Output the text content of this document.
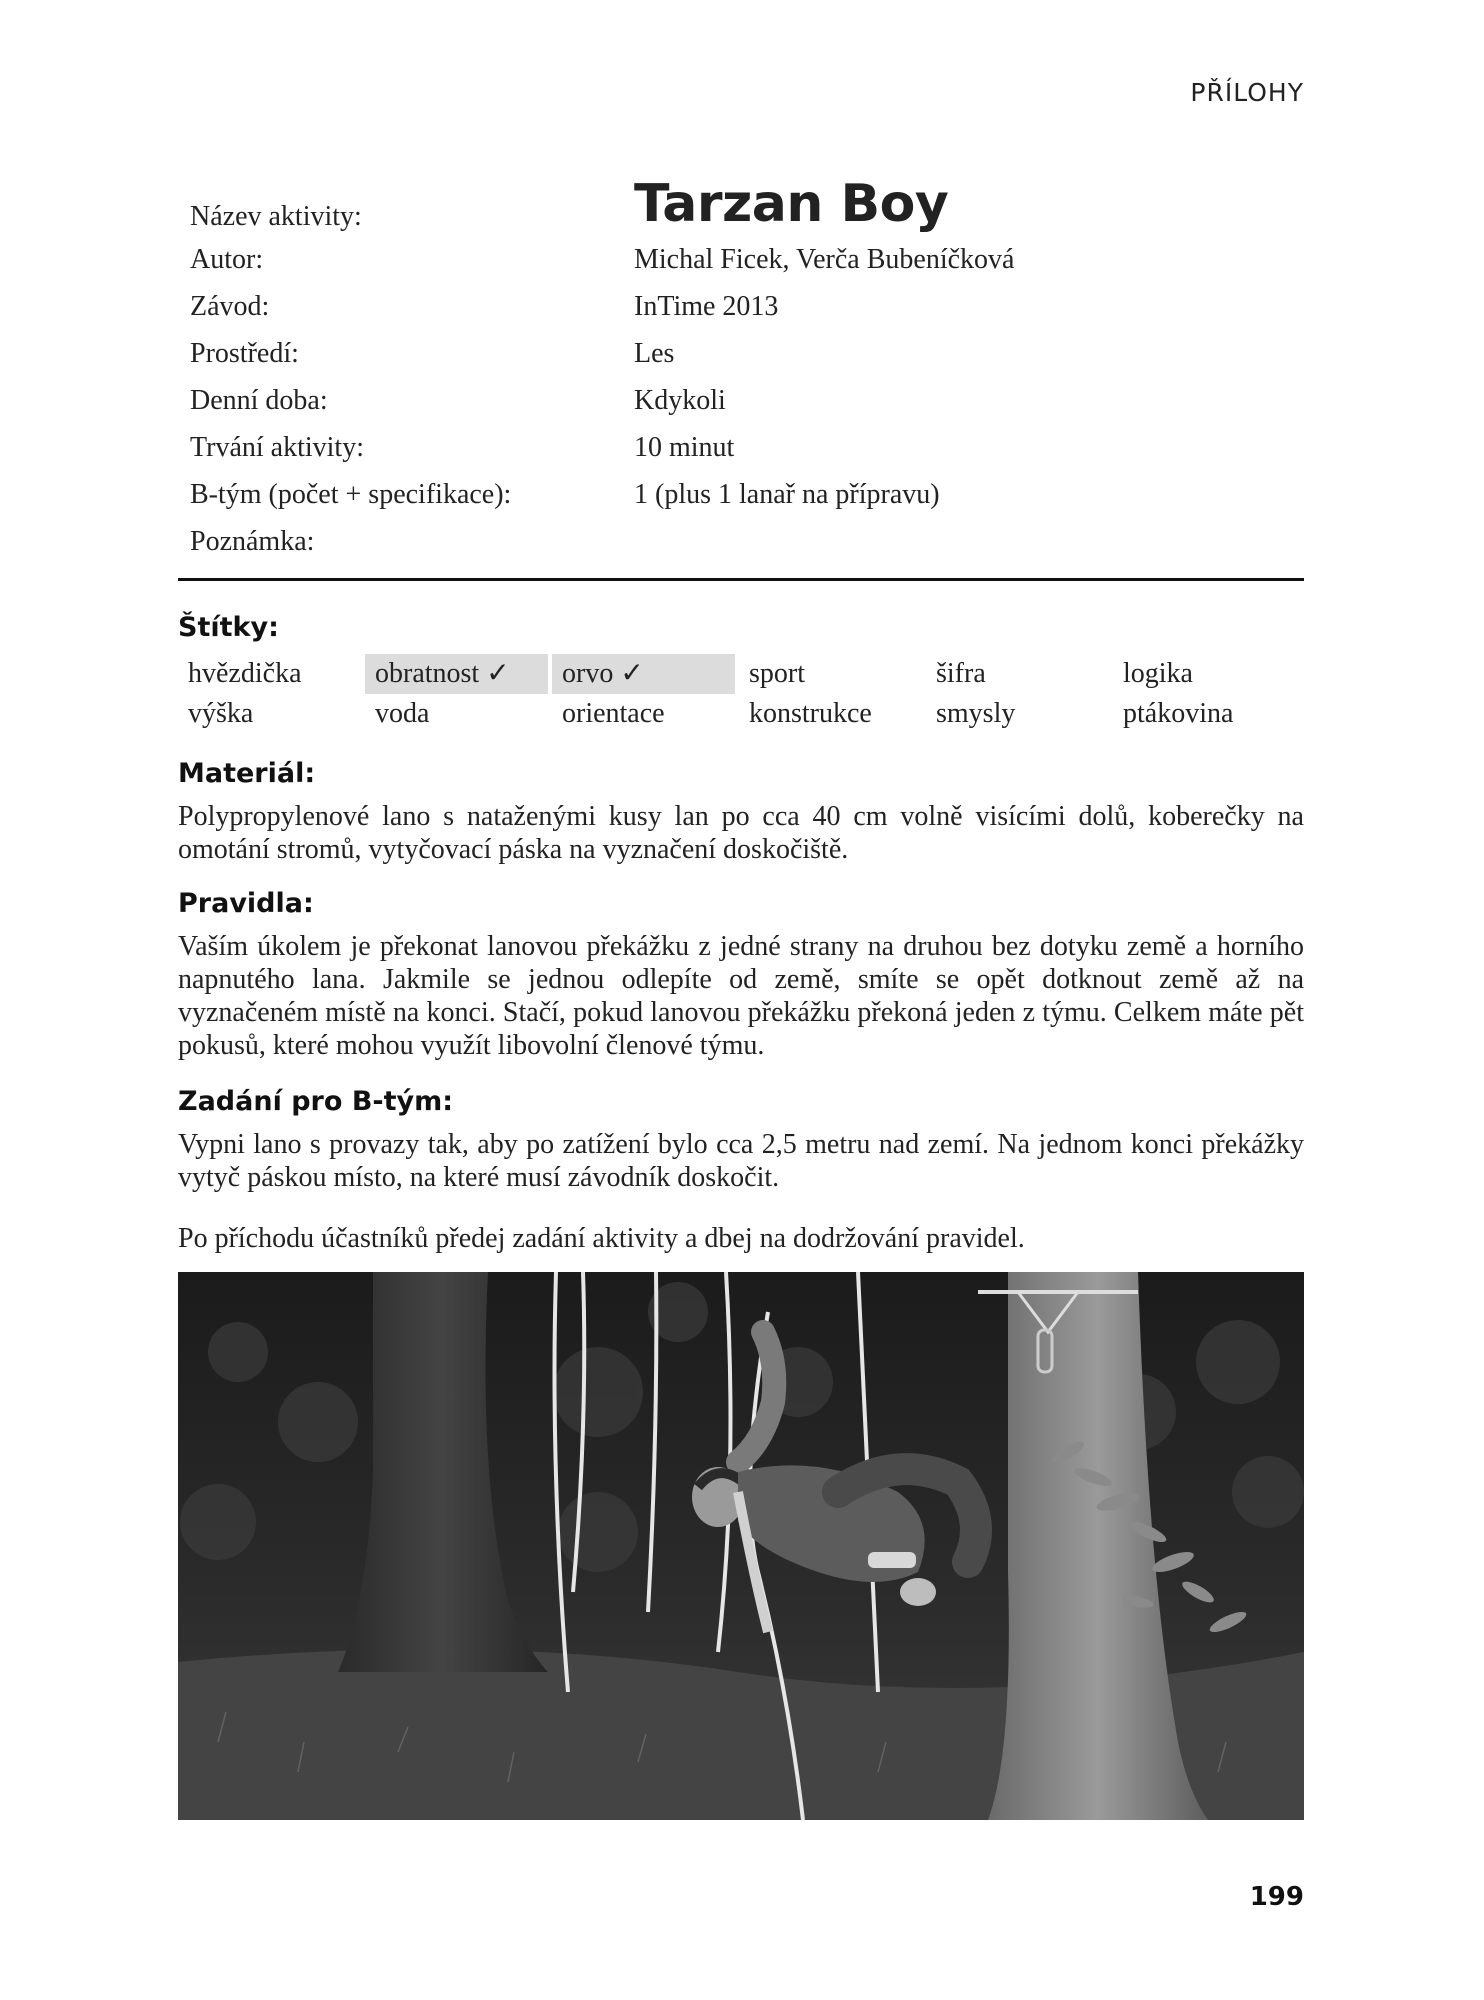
PŘÍLOHY
Název aktivity:	Tarzan Boy
Autor:	Michal Ficek, Verča Bubeníčková
Závod:	InTime 2013
Prostředí:	Les
Denní doba:	Kdykoli
Trvání aktivity:	10 minut
B-tým (počet + specifikace):	1 (plus 1 lanař na přípravu)
Poznámka:
Štítky:
hvězdička	obratnost ✓	orvo ✓	sport	šifra	logika
výška	voda	orientace	konstrukce	smysly	ptákovina
Materiál:
Polypropylenové lano s nataženými kusy lan po cca 40 cm volně visícími dolů, koberečky na omotání stromů, vytyčovací páska na vyznačení doskočiště.
Pravidla:
Vaším úkolem je překonat lanovou překážku z jedné strany na druhou bez dotyku země a horního napnutého lana. Jakmile se jednou odlepíte od země, smíte se opět dotknout země až na vyznačeném místě na konci. Stačí, pokud lanovou překážku překoná jeden z týmu. Celkem máte pět pokusů, které mohou využít libovolní členové týmu.
Zadání pro B-tým:
Vypni lano s provazy tak, aby po zatížení bylo cca 2,5 metru nad zemí. Na jednom konci překážky vytyč páskou místo, na které musí závodník doskočit.
Po příchodu účastníků předej zadání aktivity a dbej na dodržování pravidel.
199
